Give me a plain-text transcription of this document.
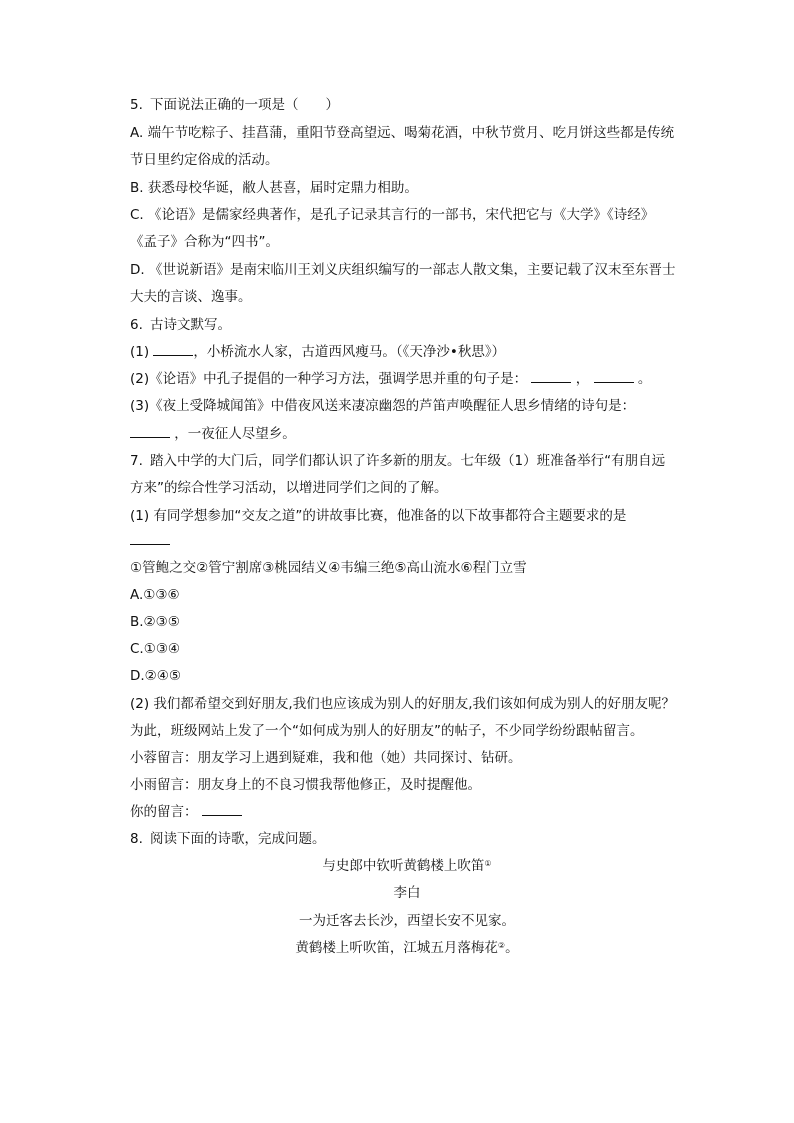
5. 下面说法正确的一项是（　　）
A. 端午节吃粽子、挂菖蒲，重阳节登高望远、喝菊花酒，中秋节赏月、吃月饼这些都是传统
节日里约定俗成的活动。
B. 获悉母校华诞，敝人甚喜，届时定鼎力相助。
C. 《论语》是儒家经典著作，是孔子记录其言行的一部书，宋代把它与《大学》《诗经》
《孟子》合称为“四书”。
D. 《世说新语》是南宋临川王刘义庆组织编写的一部志人散文集，主要记载了汉末至东晋士
大夫的言谈、逸事。
6. 古诗文默写。
(1)	，小桥流水人家，古道西风瘦马。（《天净沙•秋思》）
(2)《论语》中孔子提倡的一种学习方法，强调学思并重的句子是：	，	。
(3)《夜上受降城闻笛》中借夜风送来凄凉幽怨的芦笛声唤醒征人思乡情绪的诗句是：
，一夜征人尽望乡。
7. 踏入中学的大门后，同学们都认识了许多新的朋友。七年级（1）班准备举行“有朋自远
方来”的综合性学习活动，以增进同学们之间的了解。
(1) 有同学想参加“交友之道”的讲故事比赛，他准备的以下故事都符合主题要求的是
①管鲍之交②管宁割席③桃园结义④韦编三绝⑤高山流水⑥程门立雪
A.①③⑥
B.②③⑤
C.①③④
D.②④⑤
(2) 我们都希望交到好朋友,我们也应该成为别人的好朋友,我们该如何成为别人的好朋友呢？
为此，班级网站上发了一个“如何成为别人的好朋友”的帖子，不少同学纷纷跟帖留言。
小蓉留言：朋友学习上遇到疑难，我和他（她）共同探讨、钻研。
小雨留言：朋友身上的不良习惯我帮他修正，及时提醒他。
你的留言：
8. 阅读下面的诗歌，完成问题。
与史郎中钦听黄鹤楼上吹笛①
李白
一为迁客去长沙，西望长安不见家。
黄鹤楼上听吹笛，江城五月落梅花②。
